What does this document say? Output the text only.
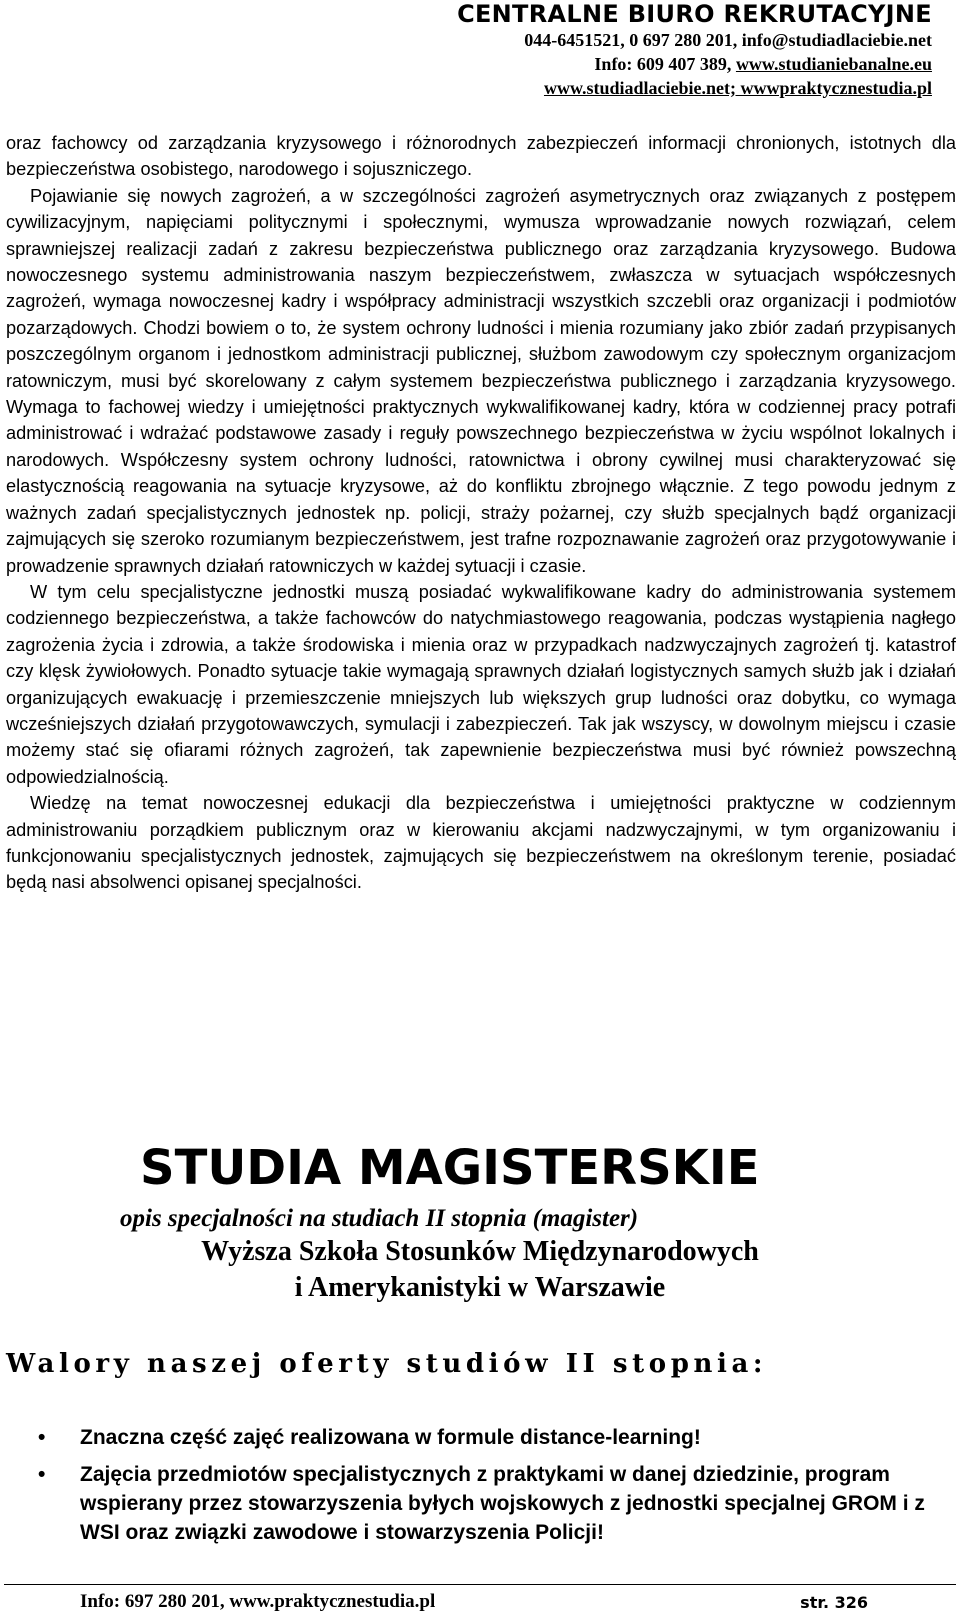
CENTRALNE BIURO REKRUTACYJNE

044-6451521, 0 697 280 201, info@studiadlaciebie.net

Info: 609 407 389, www.studianiebanalne.eu

www.studiadlaciebie.net; wwwpraktycznestudia.pl

oraz fachowcy od zarządzania kryzysowego i różnorodnych zabezpieczeń informacji chronionych, istotnych dla bezpieczeństwa osobistego, narodowego i sojuszniczego.

Pojawianie się nowych zagrożeń, a w szczególności zagrożeń asymetrycznych oraz związanych z postępem cywilizacyjnym, napięciami politycznymi i społecznymi, wymusza wprowadzanie nowych rozwiązań, celem sprawniejszej realizacji zadań z zakresu bezpieczeństwa publicznego oraz zarządzania kryzysowego. Budowa nowoczesnego systemu administrowania naszym bezpieczeństwem, zwłaszcza w sytuacjach współczesnych zagrożeń, wymaga nowoczesnej kadry i współpracy administracji wszystkich szczebli oraz organizacji i podmiotów pozarządowych. Chodzi bowiem o to, że system ochrony ludności i mienia rozumiany jako zbiór zadań przypisanych poszczególnym organom i jednostkom administracji publicznej, służbom zawodowym czy społecznym organizacjom ratowniczym, musi być skorelowany z całym systemem bezpieczeństwa publicznego i zarządzania kryzysowego. Wymaga to fachowej wiedzy i umiejętności praktycznych wykwalifikowanej kadry, która w codziennej pracy potrafi administrować i wdrażać podstawowe zasady i reguły powszechnego bezpieczeństwa w życiu wspólnot lokalnych i narodowych. Współczesny system ochrony ludności, ratownictwa i obrony cywilnej musi charakteryzować się elastycznością reagowania na sytuacje kryzysowe, aż do konfliktu zbrojnego włącznie. Z tego powodu jednym z ważnych zadań specjalistycznych jednostek np. policji, straży pożarnej, czy służb specjalnych bądź organizacji zajmujących się szeroko rozumianym bezpieczeństwem, jest trafne rozpoznawanie zagrożeń oraz przygotowywanie i prowadzenie sprawnych działań ratowniczych w każdej sytuacji i czasie.

W tym celu specjalistyczne jednostki muszą posiadać wykwalifikowane kadry do administrowania systemem codziennego bezpieczeństwa, a także fachowców do natychmiastowego reagowania, podczas wystąpienia nagłego zagrożenia życia i zdrowia, a także środowiska i mienia oraz w przypadkach nadzwyczajnych zagrożeń tj. katastrof czy klęsk żywiołowych. Ponadto sytuacje takie wymagają sprawnych działań logistycznych samych służb jak i działań organizujących ewakuację i przemieszczenie mniejszych lub większych grup ludności oraz dobytku, co wymaga wcześniejszych działań przygotowawczych, symulacji i zabezpieczeń. Tak jak wszyscy, w dowolnym miejscu i czasie możemy stać się ofiarami różnych zagrożeń, tak zapewnienie bezpieczeństwa musi być również powszechną odpowiedzialnością.

Wiedzę na temat nowoczesnej edukacji dla bezpieczeństwa i umiejętności praktyczne w codziennym administrowaniu porządkiem publicznym oraz w kierowaniu akcjami nadzwyczajnymi, w tym organizowaniu i funkcjonowaniu specjalistycznych jednostek, zajmujących się bezpieczeństwem na określonym terenie, posiadać będą nasi absolwenci opisanej specjalności.

STUDIA MAGISTERSKIE

opis specjalności na studiach II stopnia (magister)

Wyższa Szkoła Stosunków Międzynarodowych

i Amerykanistyki w Warszawie

Walory naszej oferty studiów II stopnia:

• Znaczna część zajęć realizowana w formule distance-learning!
• Zajęcia przedmiotów specjalistycznych z praktykami w danej dziedzinie, program wspierany przez stowarzyszenia byłych wojskowych z jednostki specjalnej GROM i z WSI oraz związki zawodowe i stowarzyszenia Policji!
Info: 697 280 201, www.praktycznestudia.pl	str. 326
